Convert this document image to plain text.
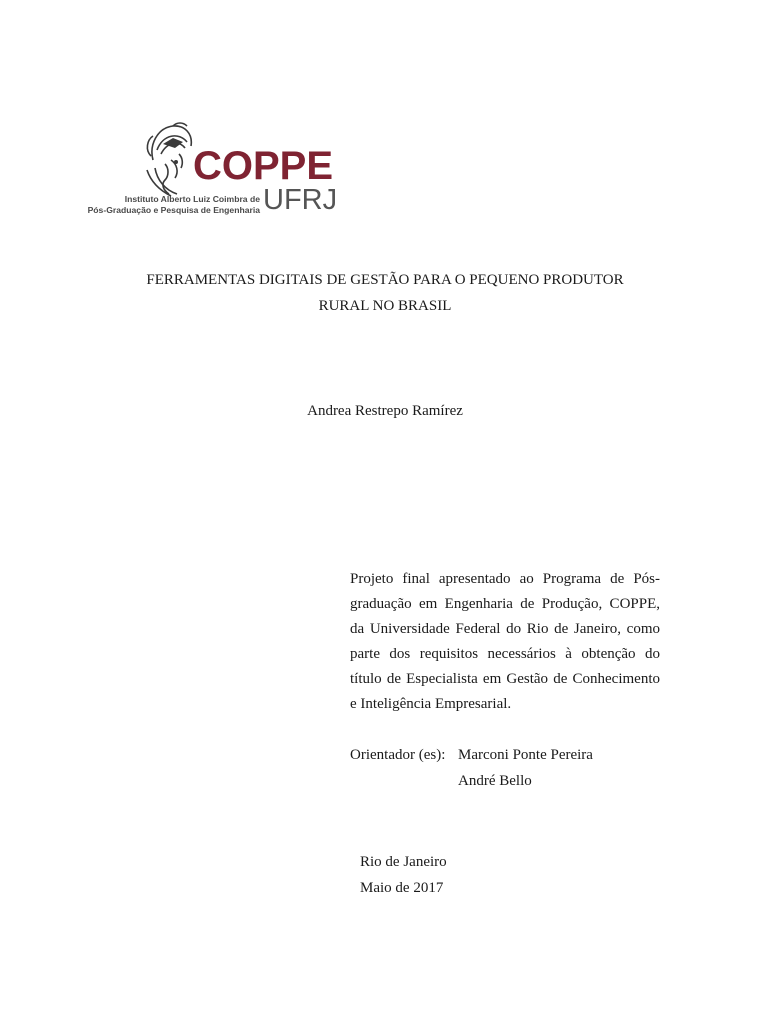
COPPE
UFRJ
Instituto Alberto Luiz Coimbra de
Pós-Graduação e Pesquisa de Engenharia
FERRAMENTAS DIGITAIS DE GESTÃO PARA O PEQUENO PRODUTOR
RURAL NO BRASIL
Andrea Restrepo Ramírez
Projeto final apresentado ao Programa de Pós-
graduação em Engenharia de Produção, COPPE,
da Universidade Federal do Rio de Janeiro, como
parte dos requisitos necessários à obtenção do
título de Especialista em Gestão de Conhecimento
e Inteligência Empresarial.
Orientador (es): Marconi Ponte Pereira
André Bello
Rio de Janeiro
Maio de 2017
